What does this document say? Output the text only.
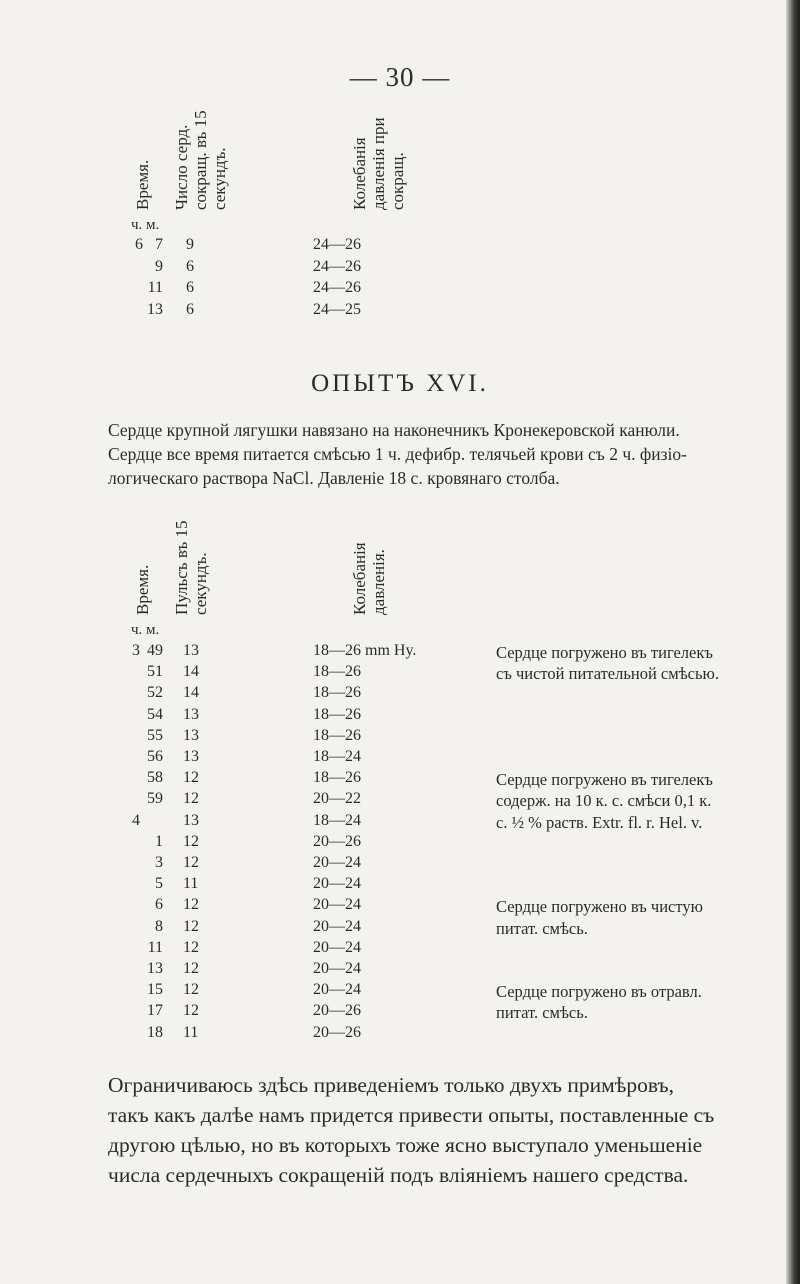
— 30 —
Время. Число серд.
сокращ. въ 15
секундъ.	Колебанія
давленія при
сокращ.
ч. м.
6 7 9	24—26
9 6	24—26
11 6	24—26
13 6	24—25
ОПЫТЪ XVI.
Сердце крупной лягушки навязано на наконечникъ Кронекеровской канюли.
Сердце все время питается смѣсью 1 ч. дефибр. телячьей крови съ 2 ч. физіо-
логическаго раствора NaCl. Давленіе 18 с. кровянаго столба.
Время. Пульсъ въ 15
секундъ.	Колебанія
давленія.
ч. м.
3 49 13	18—26 mm Hy.
51 14	18—26
52 14	18—26
54 13	18—26
55 13	18—26
56 13	18—24
58 12	18—26
59 12	20—22
4	13	18—24
1 12	20—26
3 12	20—24
5 11	20—24
6 12	20—24
8 12	20—24
11 12	20—24
13 12	20—24
15 12	20—24
17 12	20—26
18 11	20—26
Сердце погружено въ тигелекъ
съ чистой питательной смѣсью.
Сердце погружено въ тигелекъ
содерж. на 10 к. с. смѣси 0,1 к.
с. ½ % раств. Extr. fl. r. Hel. v.
Сердце погружено въ чистую
питат. смѣсь.
Сердце погружено въ отравл.
питат. смѣсь.
Ограничиваюсь здѣсь приведеніемъ только двухъ примѣровъ,
такъ какъ далѣе намъ придется привести опыты, поставленные съ
другою цѣлью, но въ которыхъ тоже ясно выступало уменьшеніе
числа сердечныхъ сокращеній подъ вліяніемъ нашего средства.
